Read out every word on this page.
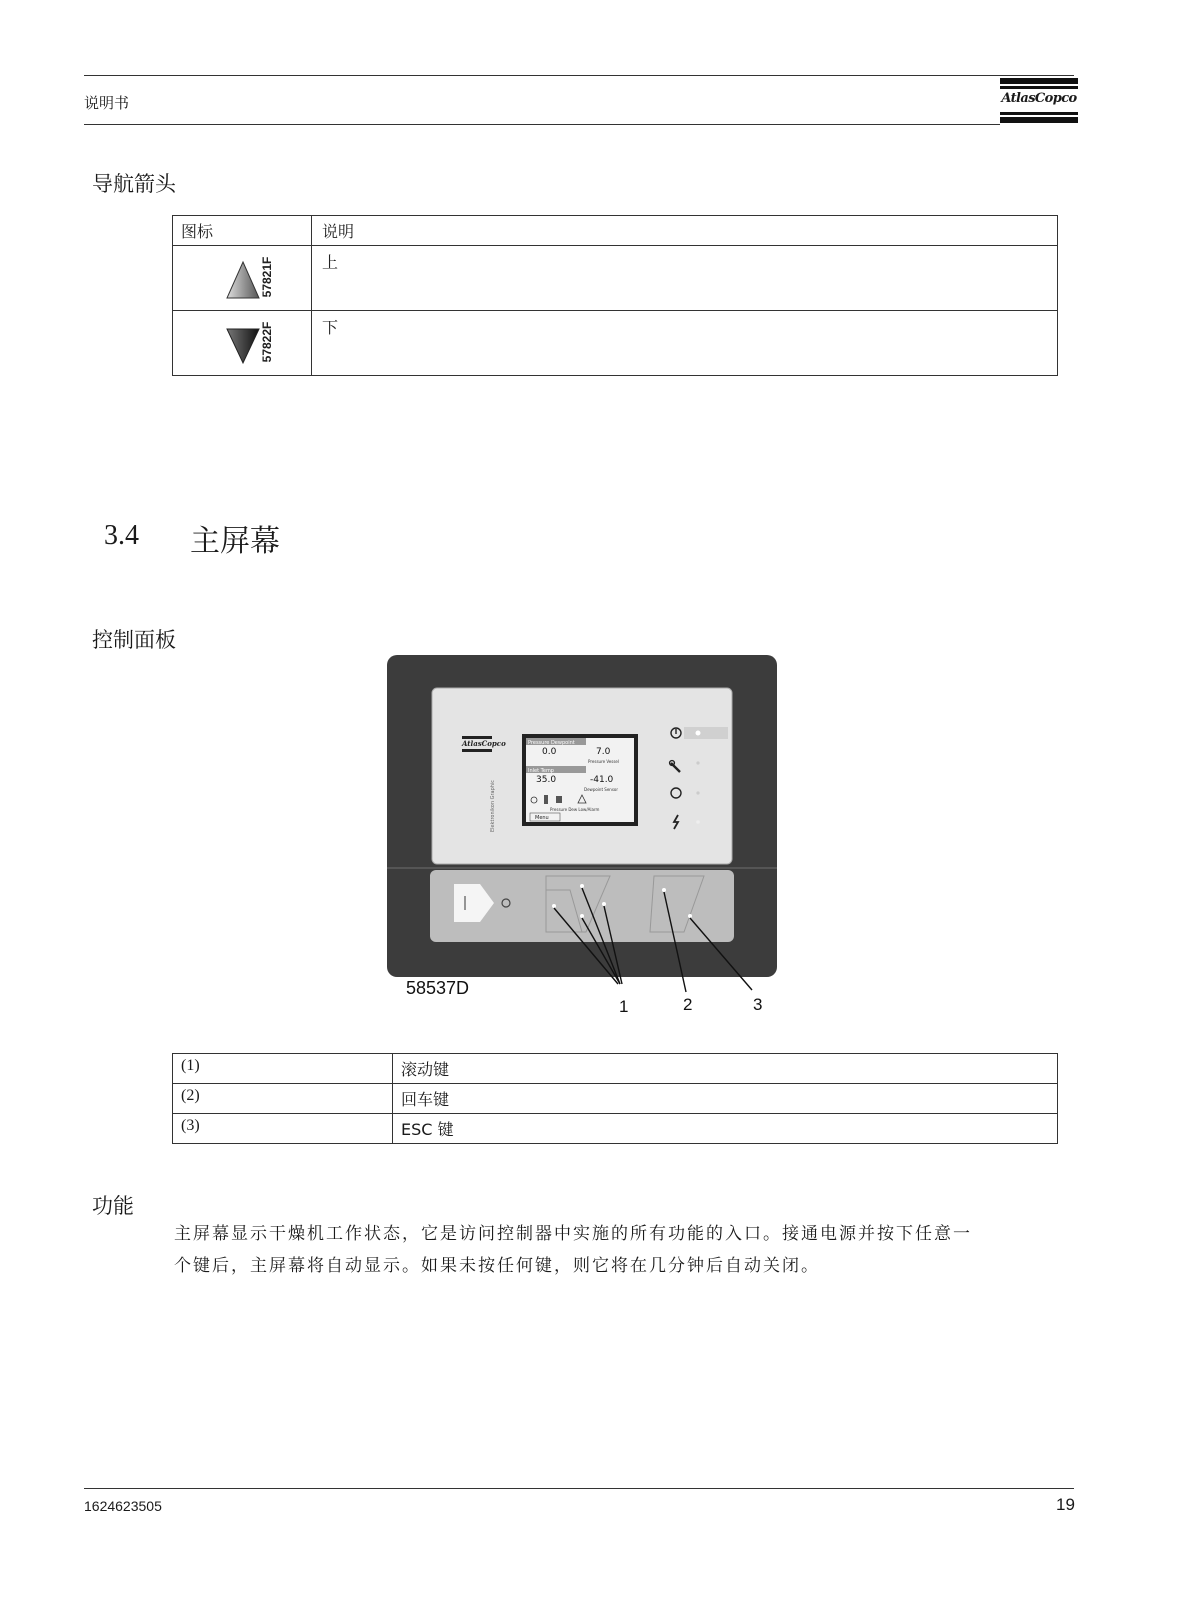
说明书	AtlasCopco
导航箭头
图标	说明

57821F	上

57822F	下
3.4 主屏幕
控制面板
AtlasCopco
Elektronikon Graphic
Pressure Dewpoint
0.0	7.0
Pressure Vessel
Inlet Temp
35.0	-41.0
Dewpoint Sensor
Pressure Dew Low/Alarm
Menu
58537D
1	2	3
(1)	滚动键
(2)	回车键
(3)	ESC 键
功能
主屏幕显示干燥机工作状态，它是访问控制器中实施的所有功能的入口。接通电源并按下任意一
个键后，主屏幕将自动显示。如果未按任何键，则它将在几分钟后自动关闭。
1624623505	19
